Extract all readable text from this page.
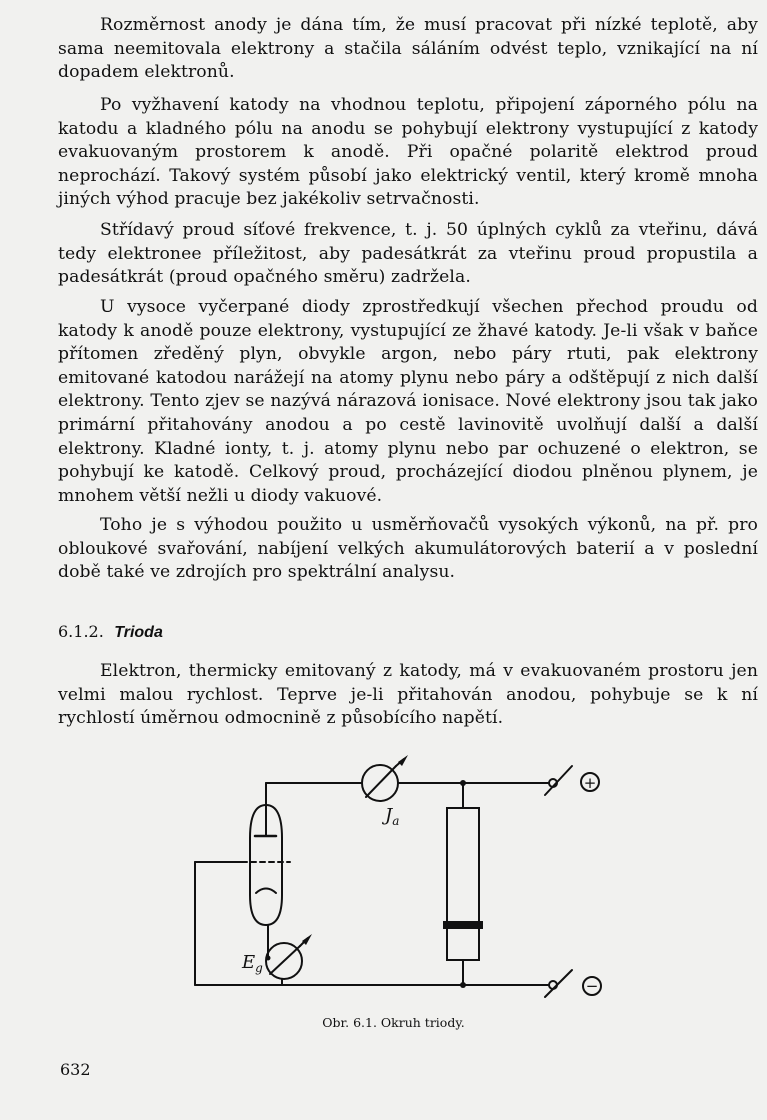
Rozměrnost anody je dána tím, že musí pracovat při nízké teplotě, aby sama neemitovala elektrony a stačila sáláním odvést teplo, vznikající na ní dopadem elektronů.

Po vyžhavení katody na vhodnou teplotu, připojení záporného pólu na katodu a kladného pólu na anodu se pohybují elektrony vystupující z katody evakuovaným prostorem k anodě. Při opačné polaritě elektrod proud neprochází. Takový systém působí jako elektrický ventil, který kromě mnoha jiných výhod pracuje bez jakékoliv setrvačnosti.

Střídavý proud síťové frekvence, t. j. 50 úplných cyklů za vteřinu, dává tedy elektronee příležitost, aby padesátkrát za vteřinu proud propustila a padesátkrát (proud opačného směru) zadržela.

U vysoce vyčerpané diody zprostředkují všechen přechod proudu od katody k anodě pouze elektrony, vystupující ze žhavé katody. Je-li však v baňce přítomen zředěný plyn, obvykle argon, nebo páry rtuti, pak elektrony emitované katodou narážejí na atomy plynu nebo páry a odštěpují z nich další elektrony. Tento zjev se nazývá nárazová ionisace. Nové elektrony jsou tak jako primární přitahovány anodou a po cestě lavinovitě uvolňují další a další elektrony. Kladné ionty, t. j. atomy plynu nebo par ochuzené o elektron, se pohybují ke katodě. Celkový proud, procházející diodou plněnou plynem, je mnohem větší nežli u diody vakuové.

Toho je s výhodou použito u usměrňovačů vysokých výkonů, na př. pro obloukové svařování, nabíjení velkých akumulátorových baterií a v poslední době také ve zdrojích pro spektrální analysu.

6.1.2. Trioda

Elektron, thermicky emitovaný z katody, má v evakuovaném prostoru jen velmi malou rychlost. Teprve je-li přitahován anodou, pohybuje se k ní rychlostí úměrnou odmocnině z působícího napětí.

$J_a$
$E_g$
+
−
Obr. 6.1. Okruh triody.
632
